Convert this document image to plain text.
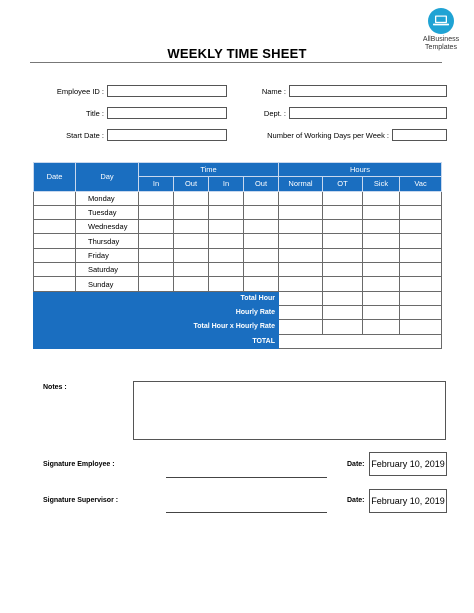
AllBusiness
Templates
WEEKLY TIME SHEET
Employee ID :	Name :
Title :	Dept. :
Start Date :	Number of Working Days per Week :
Date	Day	Time				Hours			
		In	Out	In	Out	Normal	OT	Sick	Vac
	Monday								
	Tuesday								
	Wednesday								
	Thursday								
	Friday								
	Saturday								
	Sunday								
Total Hour									
Hourly Rate									
Total Hour x Hourly Rate									
TOTAL									
Notes :
Signature Employee :	Date: February 10, 2019
Signature Supervisor :	Date: February 10, 2019
